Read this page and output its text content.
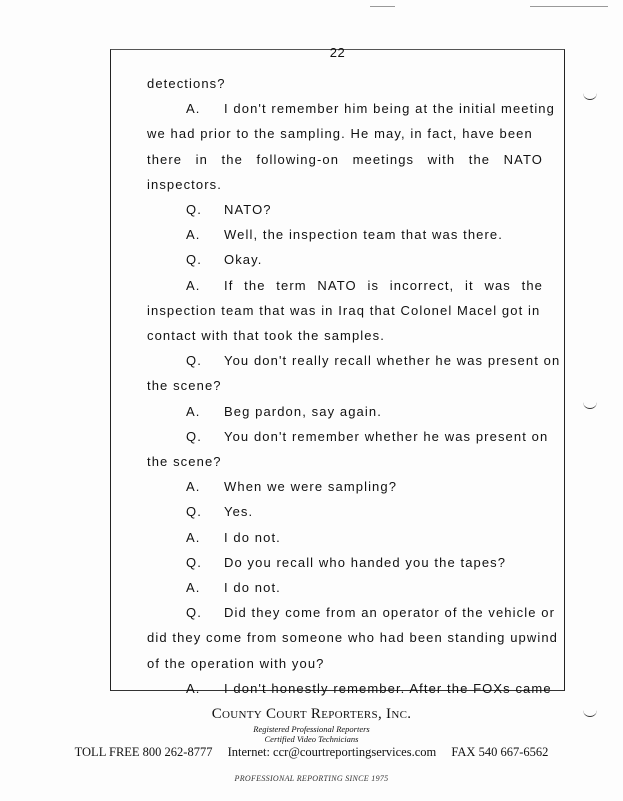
22
detections?
A. I don't remember him being at the initial meeting
we had prior to the sampling. He may, in fact, have been
there in the following-on meetings with the NATO
inspectors.
Q. NATO?
A. Well, the inspection team that was there.
Q. Okay.
A. If the term NATO is incorrect, it was the
inspection team that was in Iraq that Colonel Macel got in
contact with that took the samples.
Q. You don't really recall whether he was present on
the scene?
A. Beg pardon, say again.
Q. You don't remember whether he was present on
the scene?
A. When we were sampling?
Q. Yes.
A. I do not.
Q. Do you recall who handed you the tapes?
A. I do not.
Q. Did they come from an operator of the vehicle or
did they come from someone who had been standing upwind
of the operation with you?
A. I don't honestly remember. After the FOXs came
County Court Reporters, Inc.
Registered Professional Reporters
Certified Video Technicians
TOLL FREE 800 262-8777 Internet: ccr@courtreportingservices.com FAX 540 667-6562
PROFESSIONAL REPORTING SINCE 1975
